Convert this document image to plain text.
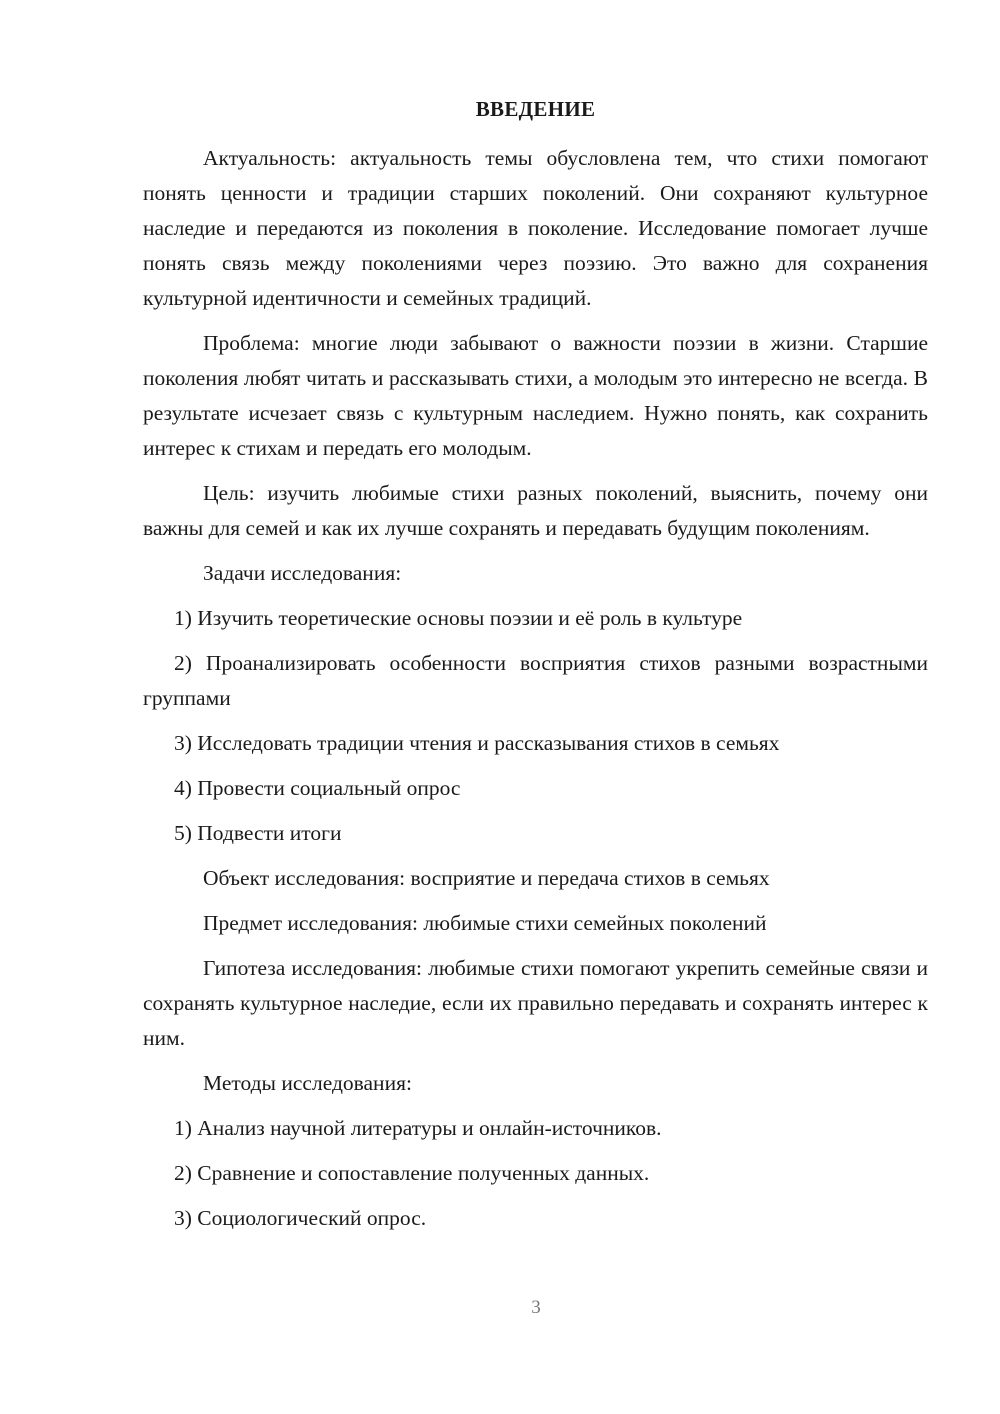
ВВЕДЕНИЕ
Актуальность: актуальность темы обусловлена тем, что стихи помогают понять ценности и традиции старших поколений. Они сохраняют культурное наследие и передаются из поколения в поколение. Исследование помогает лучше понять связь между поколениями через поэзию. Это важно для сохранения культурной идентичности и семейных традиций.
Проблема: многие люди забывают о важности поэзии в жизни. Старшие поколения любят читать и рассказывать стихи, а молодым это интересно не всегда. В результате исчезает связь с культурным наследием. Нужно понять, как сохранить интерес к стихам и передать его молодым.
Цель: изучить любимые стихи разных поколений, выяснить, почему они важны для семей и как их лучше сохранять и передавать будущим поколениям.
Задачи исследования:
1) Изучить теоретические основы поэзии и её роль в культуре
2) Проанализировать особенности восприятия стихов разными возрастными группами
3) Исследовать традиции чтения и рассказывания стихов в семьях
4) Провести социальный опрос
5) Подвести итоги
Объект исследования: восприятие и передача стихов в семьях
Предмет исследования: любимые стихи семейных поколений
Гипотеза исследования: любимые стихи помогают укрепить семейные связи и сохранять культурное наследие, если их правильно передавать и сохранять интерес к ним.
Методы исследования:
1) Анализ научной литературы и онлайн-источников.
2) Сравнение и сопоставление полученных данных.
3) Социологический опрос.
3
